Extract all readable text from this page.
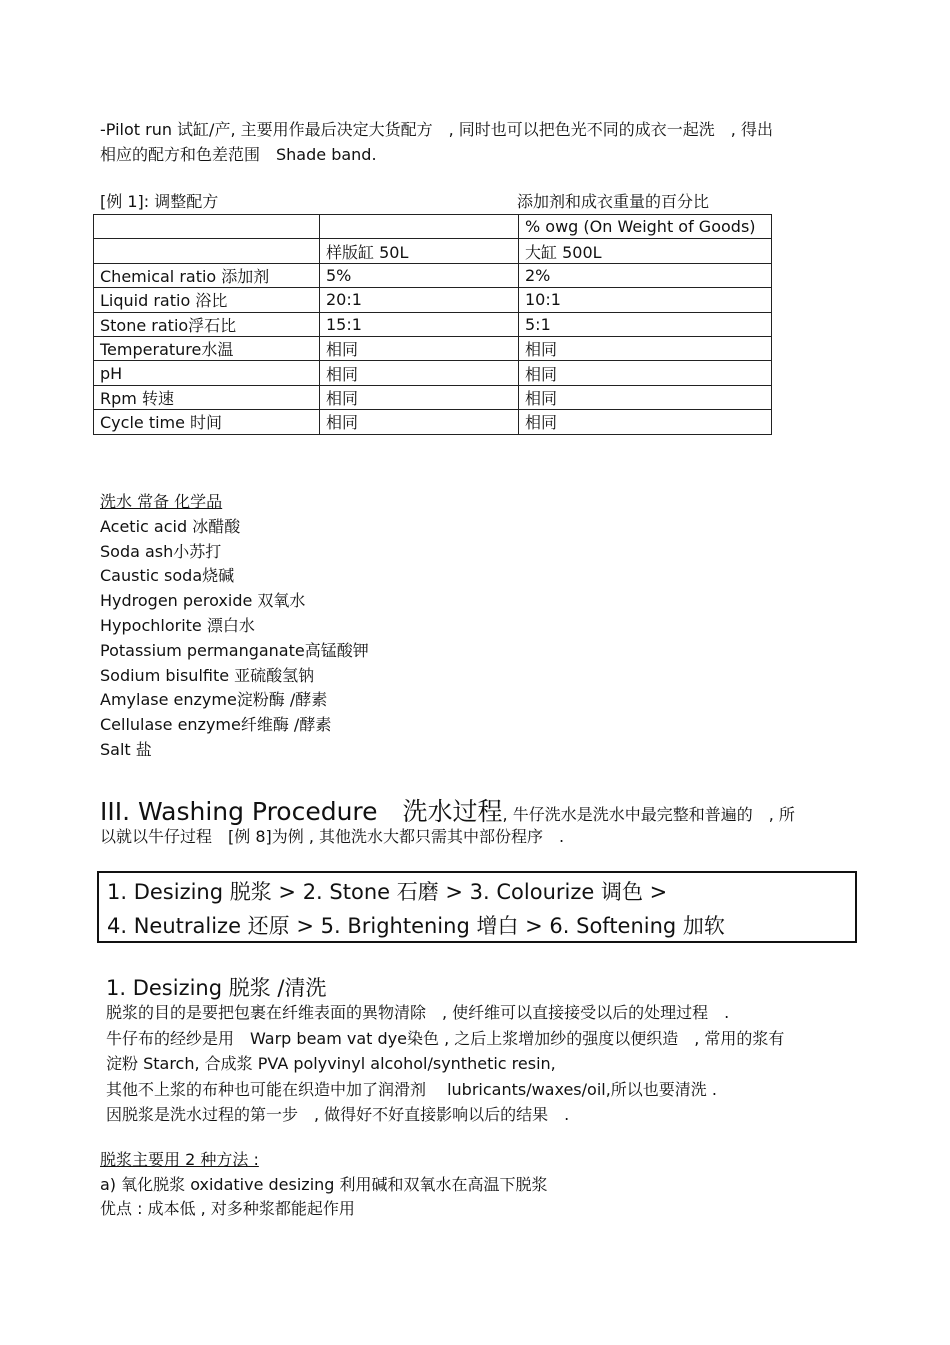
-Pilot run 试缸/产, 主要用作最后决定大货配方　, 同时也可以把色光不同的成衣一起洗　, 得出
相应的配方和色差范围　Shade band.
[例 1]: 调整配方	添加剂和成衣重量的百分比
		% owg (On Weight of Goods)
	样版缸 50L	大缸 500L
Chemical ratio 添加剂	5%	2%
Liquid ratio 浴比	20:1	10:1
Stone ratio浮石比	15:1	5:1
Temperature水温	相同	相同
pH	相同	相同
Rpm 转速	相同	相同
Cycle time 时间	相同	相同
洗水 常备 化学品
Acetic acid 冰醋酸
Soda ash小苏打
Caustic soda烧碱
Hydrogen peroxide 双氧水
Hypochlorite 漂白水
Potassium permanganate高锰酸钾
Sodium bisulfite 亚硫酸氢钠
Amylase enzyme淀粉酶 /酵素
Cellulase enzyme纤维酶 /酵素
Salt 盐
III. Washing Procedure　洗水过程, 牛仔洗水是洗水中最完整和普遍的　, 所
以就以牛仔过程　[例 8]为例 , 其他洗水大都只需其中部份程序　.
1. Desizing 脱浆 > 2. Stone 石磨 > 3. Colourize 调色 >
4. Neutralize 还原 > 5. Brightening 增白 > 6. Softening 加软
1. Desizing 脱浆 /清洗
脱浆的目的是要把包裹在纤维表面的異物清除　, 使纤维可以直接接受以后的处理过程　.
牛仔布的经纱是用　Warp beam vat dye染色 , 之后上浆增加纱的强度以便织造　, 常用的浆有
淀粉 Starch, 合成浆 PVA polyvinyl alcohol/synthetic resin,
其他不上浆的布种也可能在织造中加了润滑剂　 lubricants/waxes/oil,所以也要清洗 .
因脱浆是洗水过程的第一步　, 做得好不好直接影响以后的结果　.
脱浆主要用 2 种方法 :
a) 氧化脱浆 oxidative desizing 利用碱和双氧水在高温下脱浆
优点 : 成本低 , 对多种浆都能起作用
